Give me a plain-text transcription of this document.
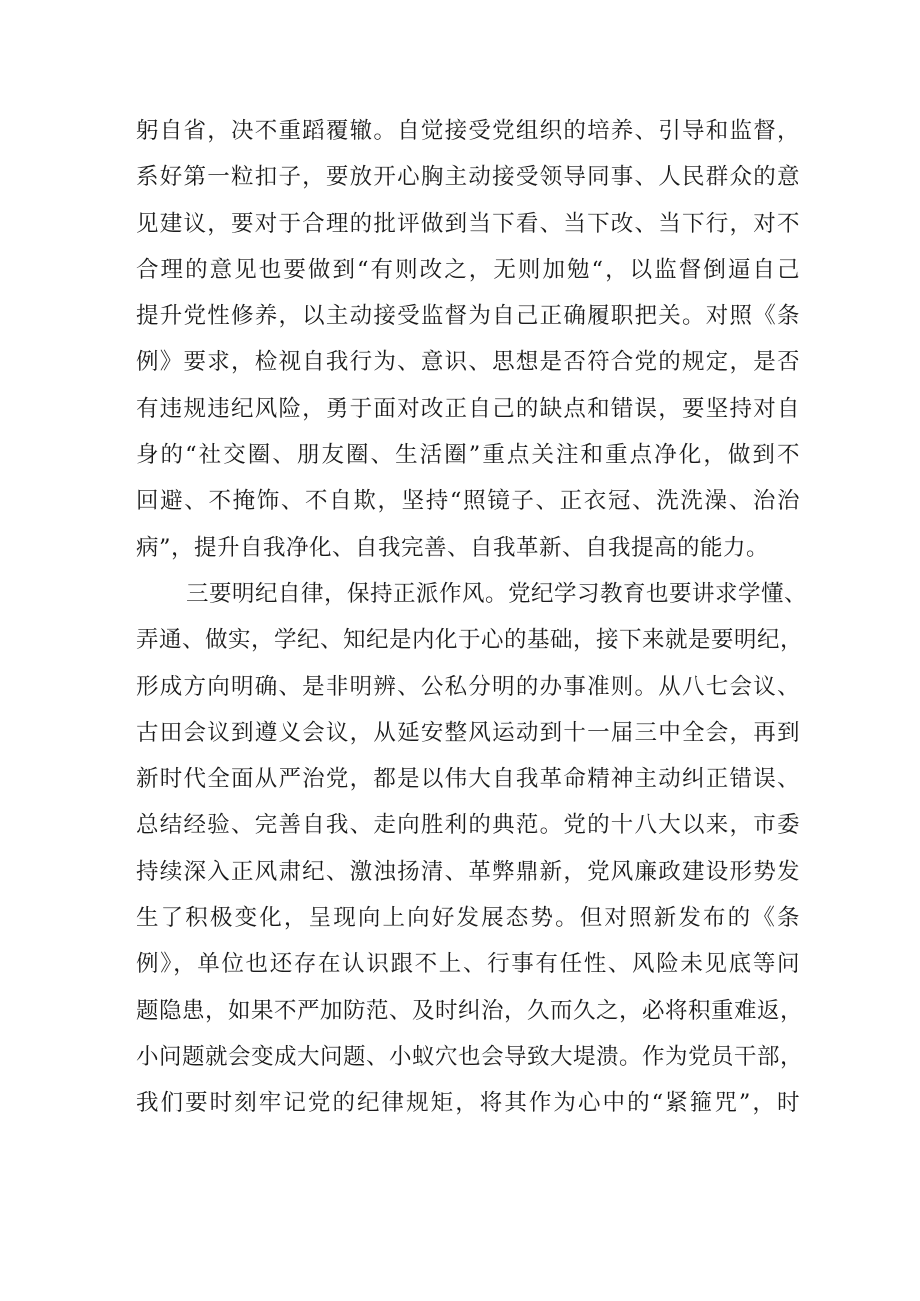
躬自省，决不重蹈覆辙。自觉接受党组织的培养、引导和监督，
系好第一粒扣子，要放开心胸主动接受领导同事、人民群众的意
见建议，要对于合理的批评做到当下看、当下改、当下行，对不
合理的意见也要做到“有则改之，无则加勉“，以监督倒逼自己
提升党性修养，以主动接受监督为自己正确履职把关。对照《条
例》要求，检视自我行为、意识、思想是否符合党的规定，是否
有违规违纪风险，勇于面对改正自己的缺点和错误，要坚持对自
身的“社交圈、朋友圈、生活圈”重点关注和重点净化，做到不
回避、不掩饰、不自欺，坚持“照镜子、正衣冠、洗洗澡、治治
病”，提升自我净化、自我完善、自我革新、自我提高的能力。
三要明纪自律，保持正派作风。党纪学习教育也要讲求学懂、
弄通、做实，学纪、知纪是内化于心的基础，接下来就是要明纪，
形成方向明确、是非明辨、公私分明的办事准则。从八七会议、
古田会议到遵义会议，从延安整风运动到十一届三中全会，再到
新时代全面从严治党，都是以伟大自我革命精神主动纠正错误、
总结经验、完善自我、走向胜利的典范。党的十八大以来，市委
持续深入正风肃纪、激浊扬清、革弊鼎新，党风廉政建设形势发
生了积极变化，呈现向上向好发展态势。但对照新发布的《条
例》，单位也还存在认识跟不上、行事有任性、风险未见底等问
题隐患，如果不严加防范、及时纠治，久而久之，必将积重难返，
小问题就会变成大问题、小蚁穴也会导致大堤溃。作为党员干部，
我们要时刻牢记党的纪律规矩，将其作为心中的“紧箍咒”，时
